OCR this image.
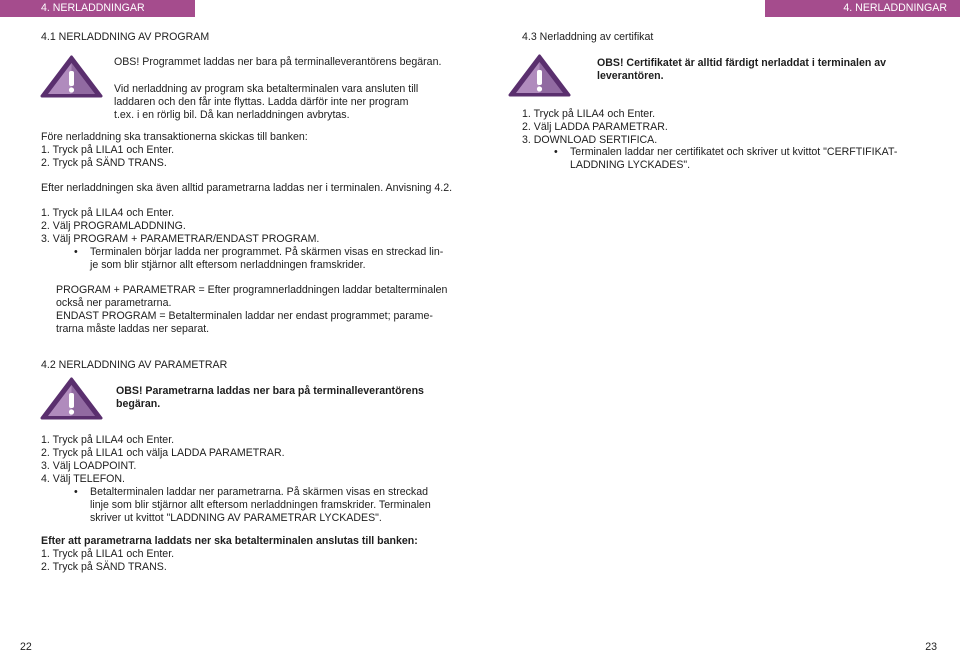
4. NERLADDNINGAR	4. NERLADDNINGAR
4.1 NERLADDNING AV PROGRAM
OBS! Programmet laddas ner bara på terminalleverantörens begäran.
Vid nerladdning av program ska betalterminalen vara ansluten till
laddaren och den får inte flyttas. Ladda därför inte ner program
t.ex. i en rörlig bil. Då kan nerladdningen avbrytas.
Före nerladdning ska transaktionerna skickas till banken:
1. Tryck på LILA1 och Enter.
2. Tryck på SÄND TRANS.
Efter nerladdningen ska även alltid parametrarna laddas ner i terminalen. Anvisning 4.2.
1. Tryck på LILA4 och Enter.
2. Välj PROGRAMLADDNING.
3. Välj PROGRAM + PARAMETRAR/ENDAST PROGRAM.
• Terminalen börjar ladda ner programmet. På skärmen visas en streckad lin-
je som blir stjärnor allt eftersom nerladdningen framskrider.
PROGRAM + PARAMETRAR = Efter programnerladdningen laddar betalterminalen
också ner parametrarna.
ENDAST PROGRAM = Betalterminalen laddar ner endast programmet; parame-
trarna måste laddas ner separat.
4.2 NERLADDNING AV PARAMETRAR
OBS! Parametrarna laddas ner bara på terminalleverantörens
begäran.
1. Tryck på LILA4 och Enter.
2. Tryck på LILA1 och välja LADDA PARAMETRAR.
3. Välj LOADPOINT.
4. Välj TELEFON.
• Betalterminalen laddar ner parametrarna. På skärmen visas en streckad
linje som blir stjärnor allt eftersom nerladdningen framskrider. Terminalen
skriver ut kvittot "LADDNING AV PARAMETRAR LYCKADES".
Efter att parametrarna laddats ner ska betalterminalen anslutas till banken:
1. Tryck på LILA1 och Enter.
2. Tryck på SÄND TRANS.
22
4.3 Nerladdning av certifikat
OBS! Certifikatet är alltid färdigt nerladdat i terminalen av
leverantören.
1. Tryck på LILA4 och Enter.
2. Välj LADDA PARAMETRAR.
3. DOWNLOAD SERTIFICA.
• Terminalen laddar ner certifikatet och skriver ut kvittot "CERFTIFIKAT-
LADDNING LYCKADES".
23
